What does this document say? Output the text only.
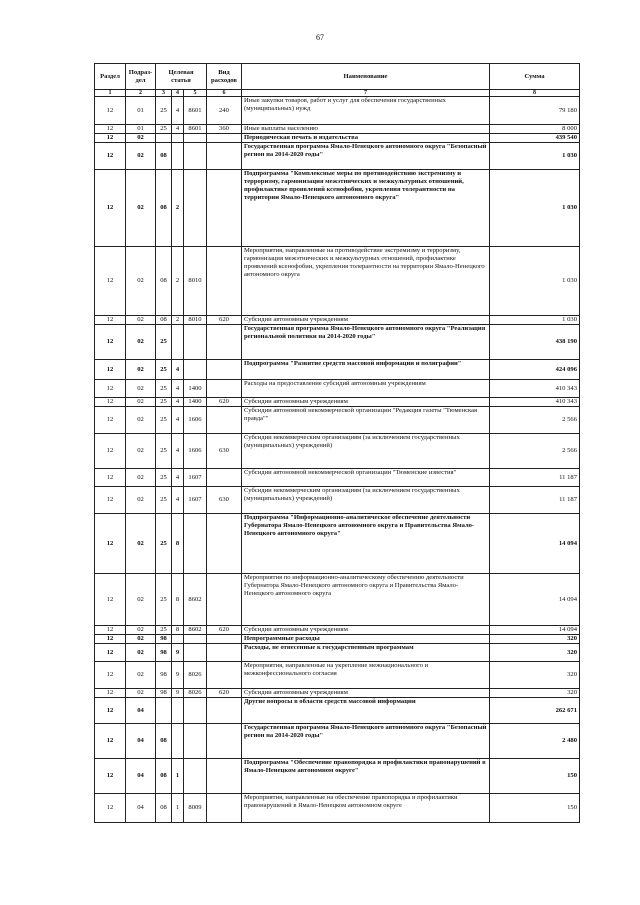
67
Раздел	Подраз-дел	Целевая статья			Вид расходов	Наименование	Сумма
1	2	3	4	5	6	7	8
12	01	25	4	8601	240	Иные закупки товаров, работ и услуг для обеспечения государственных (муниципальных) нужд	79 180
12	01	25	4	8601	360	Иные выплаты населению	8 000
12	02					Периодическая печать и издательства	439 540
12	02	08				Государственная программа Ямало-Ненецкого автономного округа "Безопасный регион на 2014-2020 годы"	1 030
12	02	08	2			Подпрограмма "Комплексные меры по противодействию экстремизму и терроризму, гармонизация межэтнических и межкультурных отношений, профилактике проявлений ксенофобии, укрепления толерантности на территории Ямало-Ненецкого автономного округа"	1 030
12	02	08	2	8010		Мероприятия, направленные на противодействие экстремизму и терроризму, гармонизация межэтнических и межкультурных отношений, профилактике проявлений ксенофобии, укрепления толерантности на территории Ямало-Ненецкого автономного округа	1 030
12	02	08	2	8010	620	Субсидии автономным учреждениям	1 030
12	02	25				Государственная программа Ямало-Ненецкого автономного округа "Реализация региональной политики на 2014-2020 годы"	438 190
12	02	25	4			Подпрограмма "Развитие средств массовой информации и полиграфии"	424 096
12	02	25	4	1400		Расходы на предоставление субсидий автономным учреждениям	410 343
12	02	25	4	1400	620	Субсидии автономным учреждениям	410 343
12	02	25	4	1606		Субсидии автономной некоммерческой организации "Редакция газеты "Тюменская правда""	2 566
12	02	25	4	1606	630	Субсидии некоммерческим организациям (за исключением государственных (муниципальных) учреждений)	2 566
12	02	25	4	1607		Субсидии автономной некоммерческой организации "Тюменские известия"	11 187
12	02	25	4	1607	630	Субсидии некоммерческим организациям (за исключением государственных (муниципальных) учреждений)	11 187
12	02	25	8			Подпрограмма "Информационно-аналитическое обеспечение деятельности Губернатора Ямало-Ненецкого автономного округа и Правительства Ямало-Ненецкого автономного округа"	14 094
12	02	25	8	8602		Мероприятия по информационно-аналитическому обеспечению деятельности Губернатора Ямало-Ненецкого автономного округа и Правительства Ямало-Ненецкого автономного округа	14 094
12	02	25	8	8602	620	Субсидии автономным учреждениям	14 094
12	02	98				Непрограммные расходы	320
12	02	98	9			Расходы, не отнесенные к государственным программам	320
12	02	98	9	8026		Мероприятия, направленные на укрепление межнационального и межконфессионального согласия	320
12	02	98	9	8026	620	Субсидии автономным учреждениям	320
12	04					Другие вопросы в области средств массовой информации	262 671
12	04	08				Государственная программа Ямало-Ненецкого автономного округа "Безопасный регион на 2014-2020 годы"	2 480
12	04	08	1			Подпрограмма "Обеспечение правопорядка и профилактики правонарушений в Ямало-Ненецком автономном округе"	150
12	04	08	1	8009		Мероприятия, направленные на обеспечение правопорядка и профилактики правонарушений в Ямало-Ненецком автономном округе	150
